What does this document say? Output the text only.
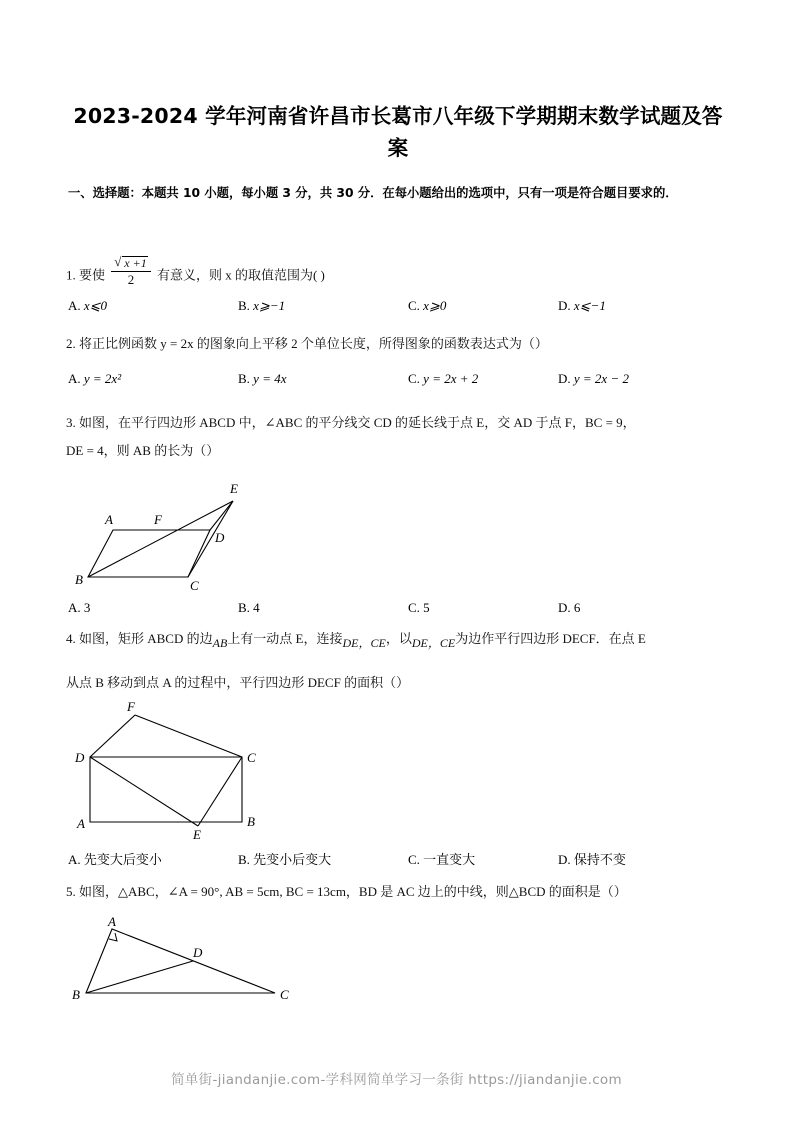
2023-2024 学年河南省许昌市长葛市八年级下学期期末数学试题及答案
一、选择题：本题共 10 小题，每小题 3 分，共 30 分．在每小题给出的选项中，只有一项是符合题目要求的．
1. 要使 $\frac{√ x +1}{2}$ 有意义，则 x 的取值范围为( )
A. x⩽0	B. x⩾−1	C. x⩾0	D. x⩽−1
2. 将正比例函数 y = 2x 的图象向上平移 2 个单位长度，所得图象的函数表达式为（）
A. y = 2x²	B. y = 4x	C. y = 2x + 2	D. y = 2x − 2
3. 如图，在平行四边形 ABCD 中，∠ABC 的平分线交 CD 的延长线于点 E，交 AD 于点 F，BC = 9，
DE = 4，则 AB 的长为（）
A
B	C
D
E
F
A. 3	B. 4	C. 5	D. 6
4. 如图，矩形 ABCD 的边AB上有一动点 E，连接DE，CE，以DE，CE为边作平行四边形 DECF．在点 E
从点 B 移动到点 A 的过程中，平行四边形 DECF 的面积（）
A	B
C
D
E
F
A. 先变大后变小	B. 先变小后变大	C. 一直变大	D. 保持不变
5. 如图，△ABC，∠A = 90°, AB = 5cm, BC = 13cm，BD 是 AC 边上的中线，则△BCD 的面积是（）
A
B	C
D
简单街-jiandanjie.com-学科网简单学习一条街 https://jiandanjie.com
